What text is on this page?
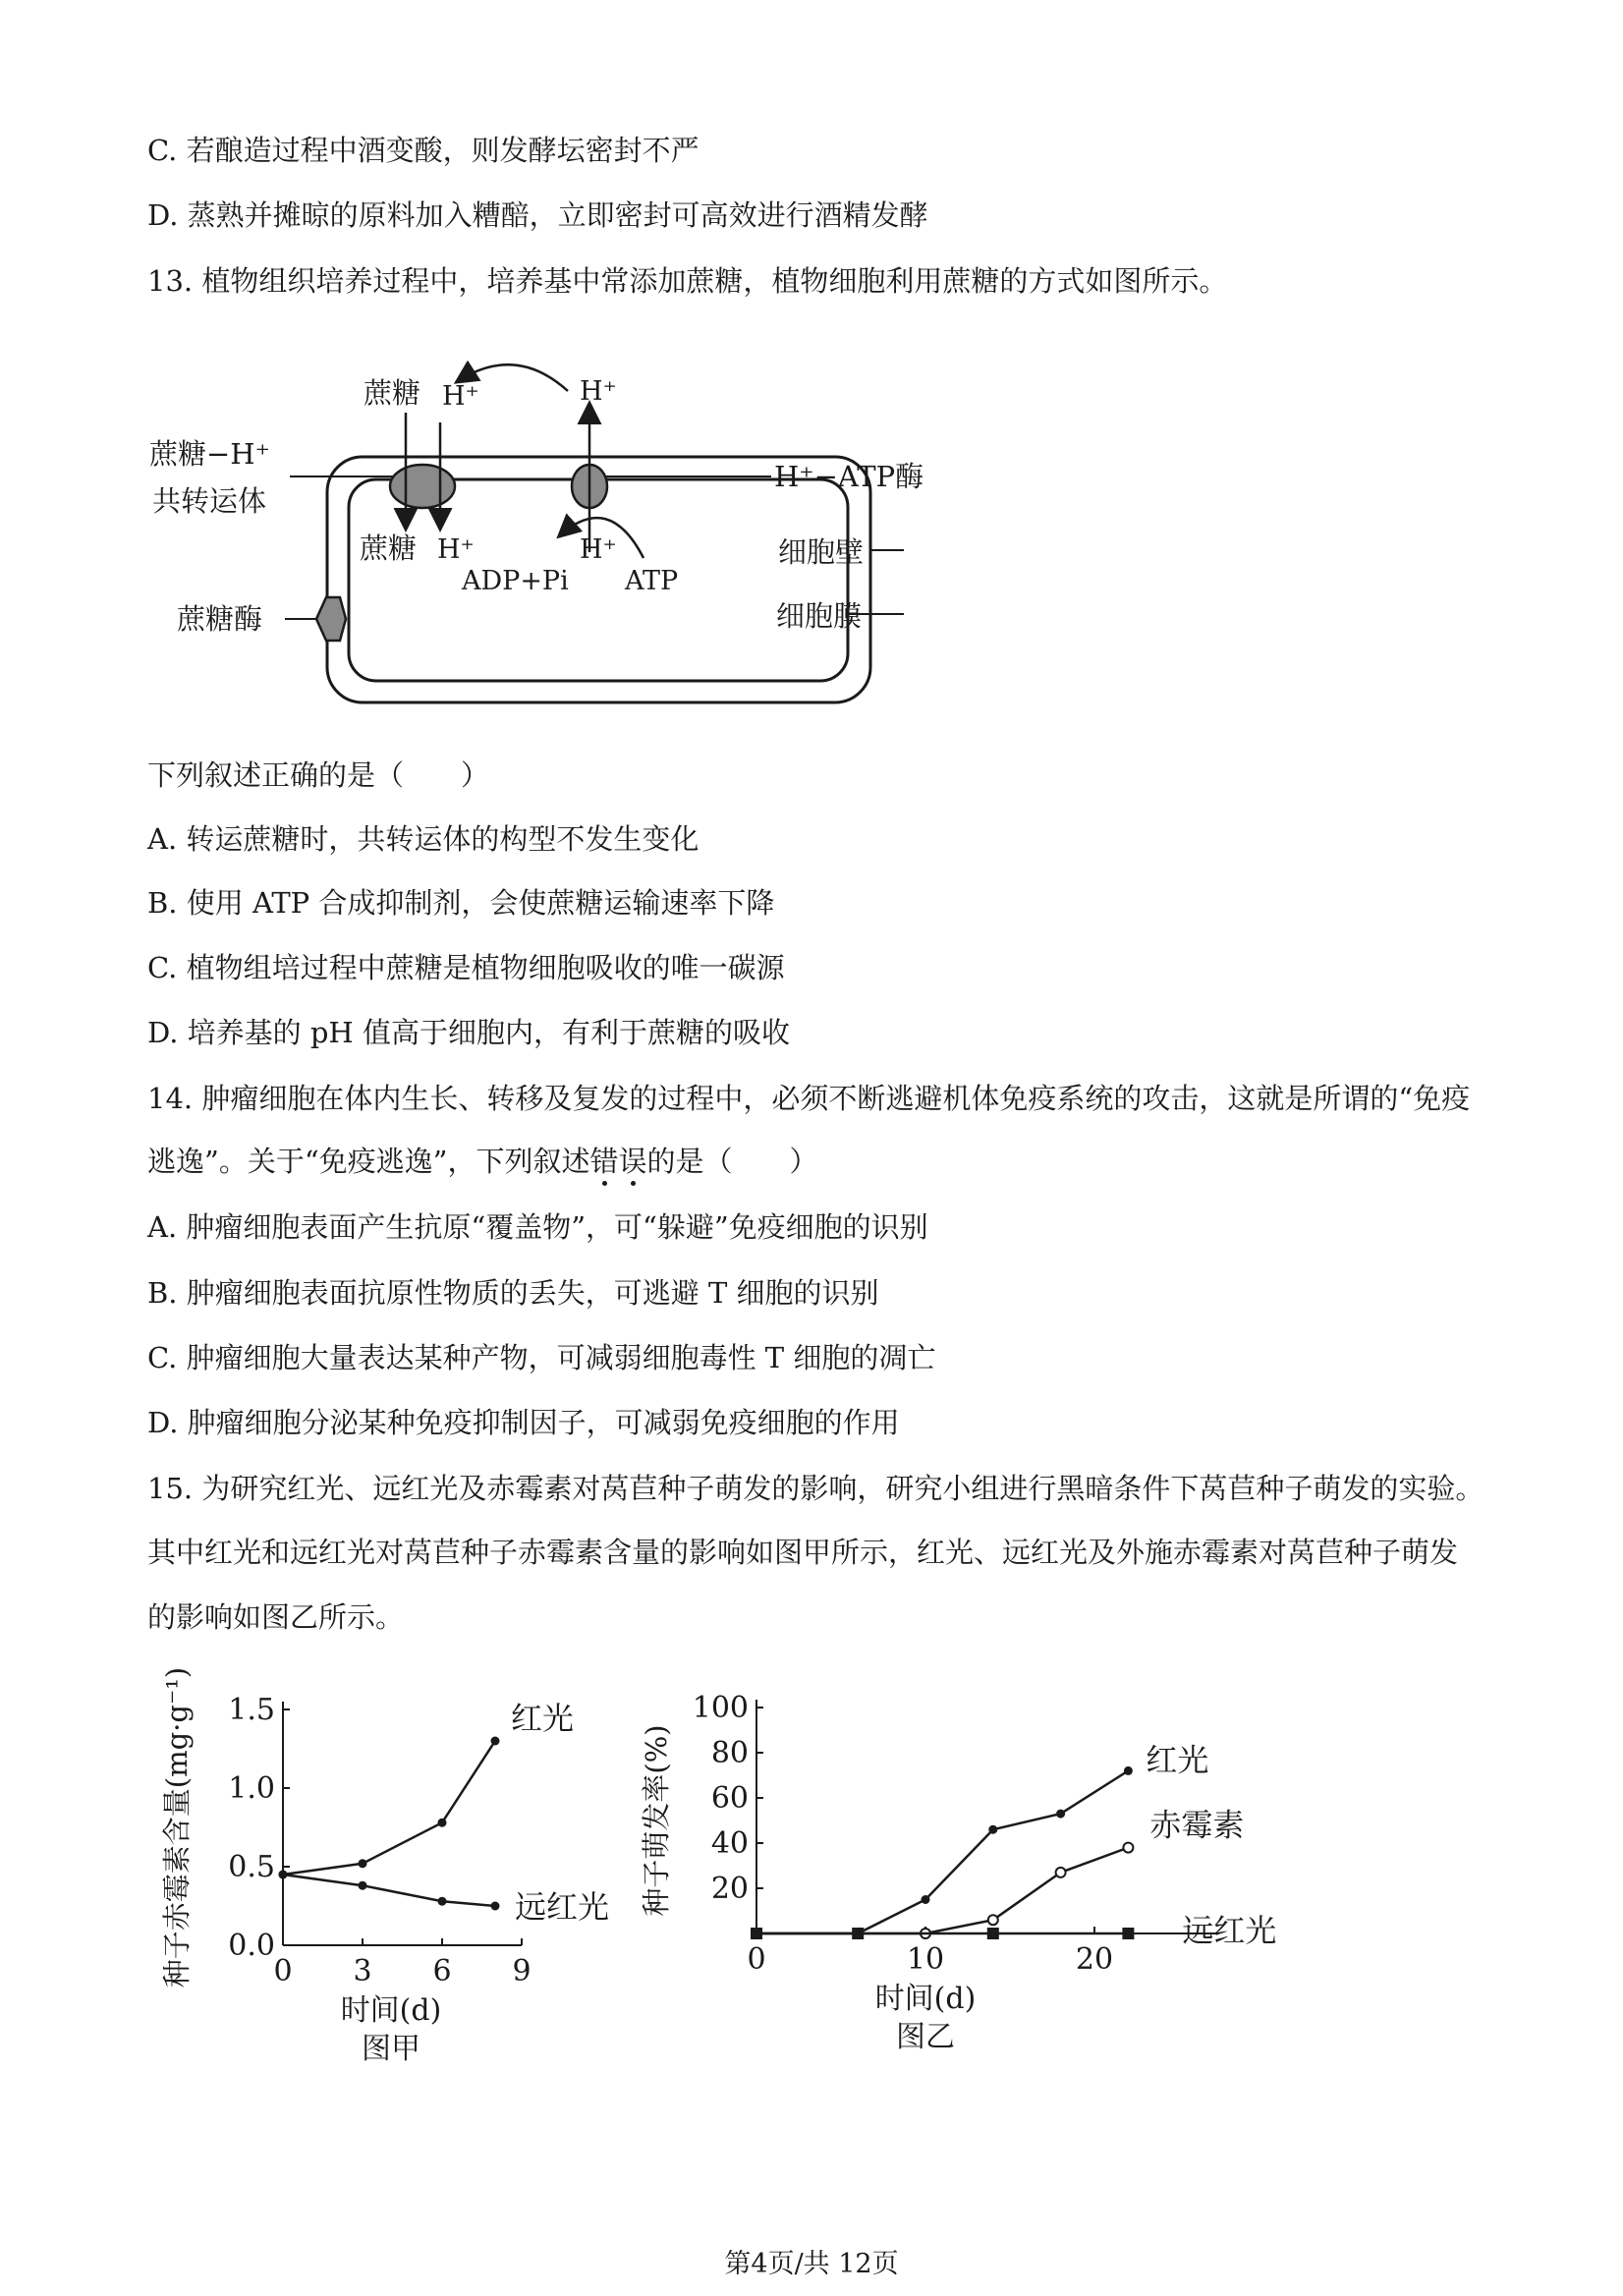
C. 若酿造过程中酒变酸，则发酵坛密封不严
D. 蒸熟并摊晾的原料加入糟醅，立即密封可高效进行酒精发酵
13. 植物组织培养过程中，培养基中常添加蔗糖，植物细胞利用蔗糖的方式如图所示。
蔗糖 H⁺	H⁺
蔗糖−H⁺
共转运体
H⁺−ATP酶
蔗糖 H⁺	H⁺
ADP+Pi ATP
细胞壁
细胞膜
蔗糖酶
下列叙述正确的是（　　）
A. 转运蔗糖时，共转运体的构型不发生变化
B. 使用 ATP 合成抑制剂，会使蔗糖运输速率下降
C. 植物组培过程中蔗糖是植物细胞吸收的唯一碳源
D. 培养基的 pH 值高于细胞内，有利于蔗糖的吸收
14. 肿瘤细胞在体内生长、转移及复发的过程中，必须不断逃避机体免疫系统的攻击，这就是所谓的“免疫
逃逸”。关于“免疫逃逸”，下列叙述错误的是（　　）
A. 肿瘤细胞表面产生抗原“覆盖物”，可“躲避”免疫细胞的识别
B. 肿瘤细胞表面抗原性物质的丢失，可逃避 T 细胞的识别
C. 肿瘤细胞大量表达某种产物，可减弱细胞毒性 T 细胞的凋亡
D. 肿瘤细胞分泌某种免疫抑制因子，可减弱免疫细胞的作用
15. 为研究红光、远红光及赤霉素对莴苣种子萌发的影响，研究小组进行黑暗条件下莴苣种子萌发的实验。
其中红光和远红光对莴苣种子赤霉素含量的影响如图甲所示，红光、远红光及外施赤霉素对莴苣种子萌发
的影响如图乙所示。
0.0
0.5
1.0
1.5
0 3 6 9
时间(d)
图甲
种子赤霉素含量(mg·g⁻¹)	红光
远红光	20
40
60
80
100
0	10	20
时间(d)
图乙
种子萌发率(%)	红光
赤霉素
远红光
第4页/共 12页
